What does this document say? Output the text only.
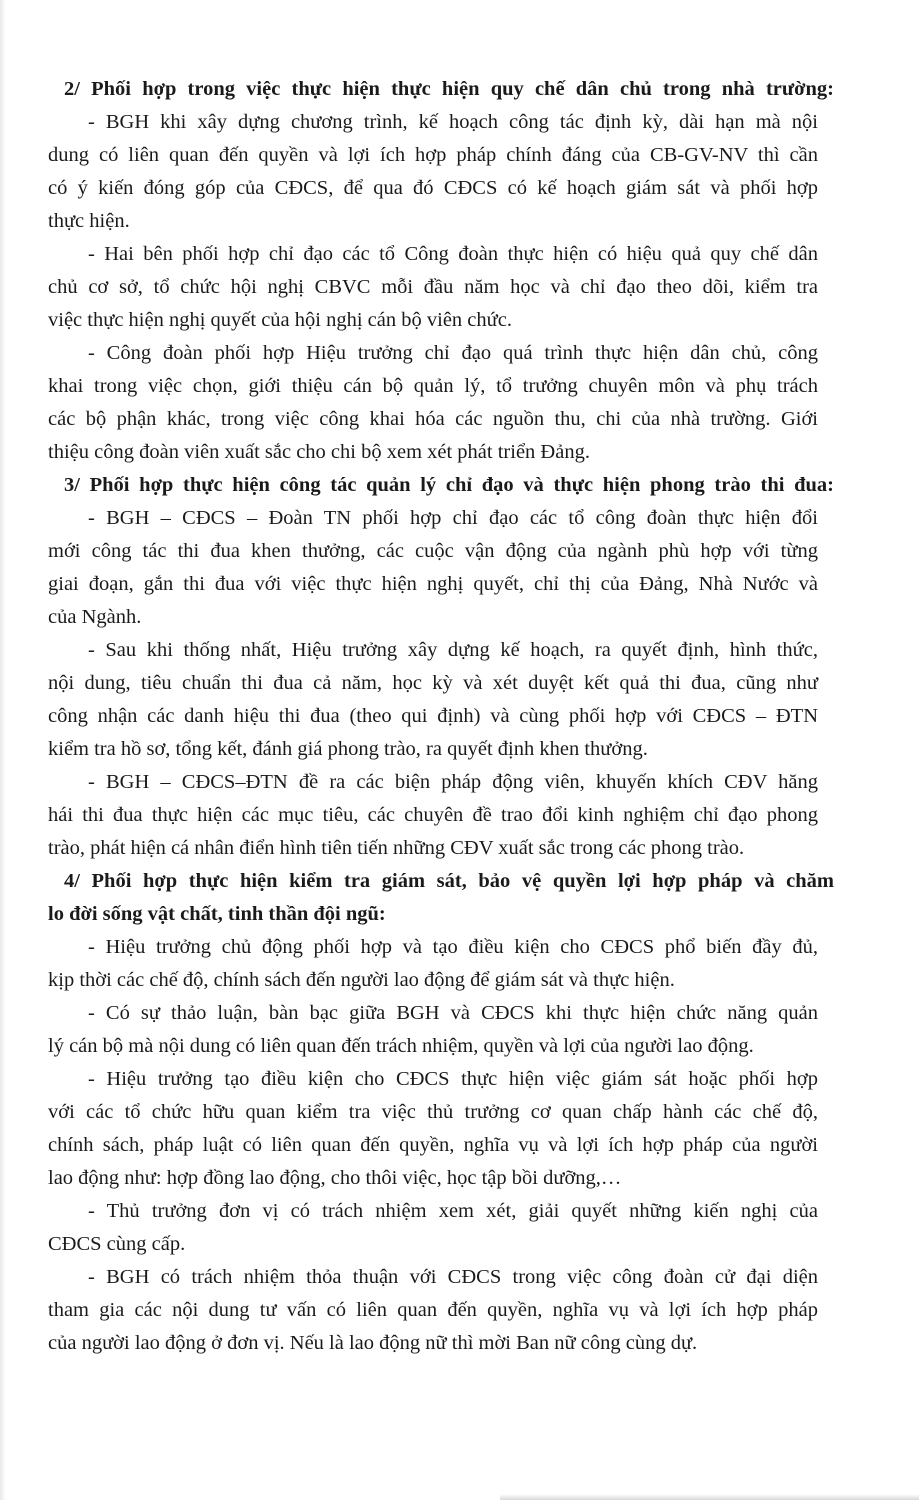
2/ Phối hợp trong việc thực hiện thực hiện quy chế dân chủ trong nhà trường:
- BGH khi xây dựng chương trình, kế hoạch công tác định kỳ, dài hạn mà nội
dung có liên quan đến quyền và lợi ích hợp pháp chính đáng của CB-GV-NV thì cần
có ý kiến đóng góp của CĐCS, để qua đó CĐCS có kế hoạch giám sát và phối hợp
thực hiện.
- Hai bên phối hợp chỉ đạo các tổ Công đoàn thực hiện có hiệu quả quy chế dân
chủ cơ sở, tổ chức hội nghị CBVC mỗi đầu năm học và chỉ đạo theo dõi, kiểm tra
việc thực hiện nghị quyết của hội nghị cán bộ viên chức.
- Công đoàn phối hợp Hiệu trưởng chỉ đạo quá trình thực hiện dân chủ, công
khai trong việc chọn, giới thiệu cán bộ quản lý, tổ trưởng chuyên môn và phụ trách
các bộ phận khác, trong việc công khai hóa các nguồn thu, chi của nhà trường. Giới
thiệu công đoàn viên xuất sắc cho chi bộ xem xét phát triển Đảng.
3/ Phối hợp thực hiện công tác quản lý chỉ đạo và thực hiện phong trào thi đua:
- BGH – CĐCS – Đoàn TN phối hợp chỉ đạo các tổ công đoàn thực hiện đổi
mới công tác thi đua khen thưởng, các cuộc vận động của ngành phù hợp với từng
giai đoạn, gắn thi đua với việc thực hiện nghị quyết, chỉ thị của Đảng, Nhà Nước và
của Ngành.
- Sau khi thống nhất, Hiệu trưởng xây dựng kế hoạch, ra quyết định, hình thức,
nội dung, tiêu chuẩn thi đua cả năm, học kỳ và xét duyệt kết quả thi đua, cũng như
công nhận các danh hiệu thi đua (theo qui định) và cùng phối hợp với CĐCS – ĐTN
kiểm tra hồ sơ, tổng kết, đánh giá phong trào, ra quyết định khen thưởng.
- BGH – CĐCS–ĐTN đề ra các biện pháp động viên, khuyến khích CĐV hăng
hái thi đua thực hiện các mục tiêu, các chuyên đề trao đổi kinh nghiệm chỉ đạo phong
trào, phát hiện cá nhân điển hình tiên tiến những CĐV xuất sắc trong các phong trào.
4/ Phối hợp thực hiện kiểm tra giám sát, bảo vệ quyền lợi hợp pháp và chăm
lo đời sống vật chất, tinh thần đội ngũ:
- Hiệu trưởng chủ động phối hợp và tạo điều kiện cho CĐCS phổ biến đầy đủ,
kịp thời các chế độ, chính sách đến người lao động để giám sát và thực hiện.
- Có sự thảo luận, bàn bạc giữa BGH và CĐCS khi thực hiện chức năng quản
lý cán bộ mà nội dung có liên quan đến trách nhiệm, quyền và lợi của người lao động.
- Hiệu trưởng tạo điều kiện cho CĐCS thực hiện việc giám sát hoặc phối hợp
với các tổ chức hữu quan kiểm tra việc thủ trưởng cơ quan chấp hành các chế độ,
chính sách, pháp luật có liên quan đến quyền, nghĩa vụ và lợi ích hợp pháp của người
lao động như: hợp đồng lao động, cho thôi việc, học tập bồi dưỡng,…
- Thủ trưởng đơn vị có trách nhiệm xem xét, giải quyết những kiến nghị của
CĐCS cùng cấp.
- BGH có trách nhiệm thỏa thuận với CĐCS trong việc công đoàn cử đại diện
tham gia các nội dung tư vấn có liên quan đến quyền, nghĩa vụ và lợi ích hợp pháp
của người lao động ở đơn vị. Nếu là lao động nữ thì mời Ban nữ công cùng dự.
